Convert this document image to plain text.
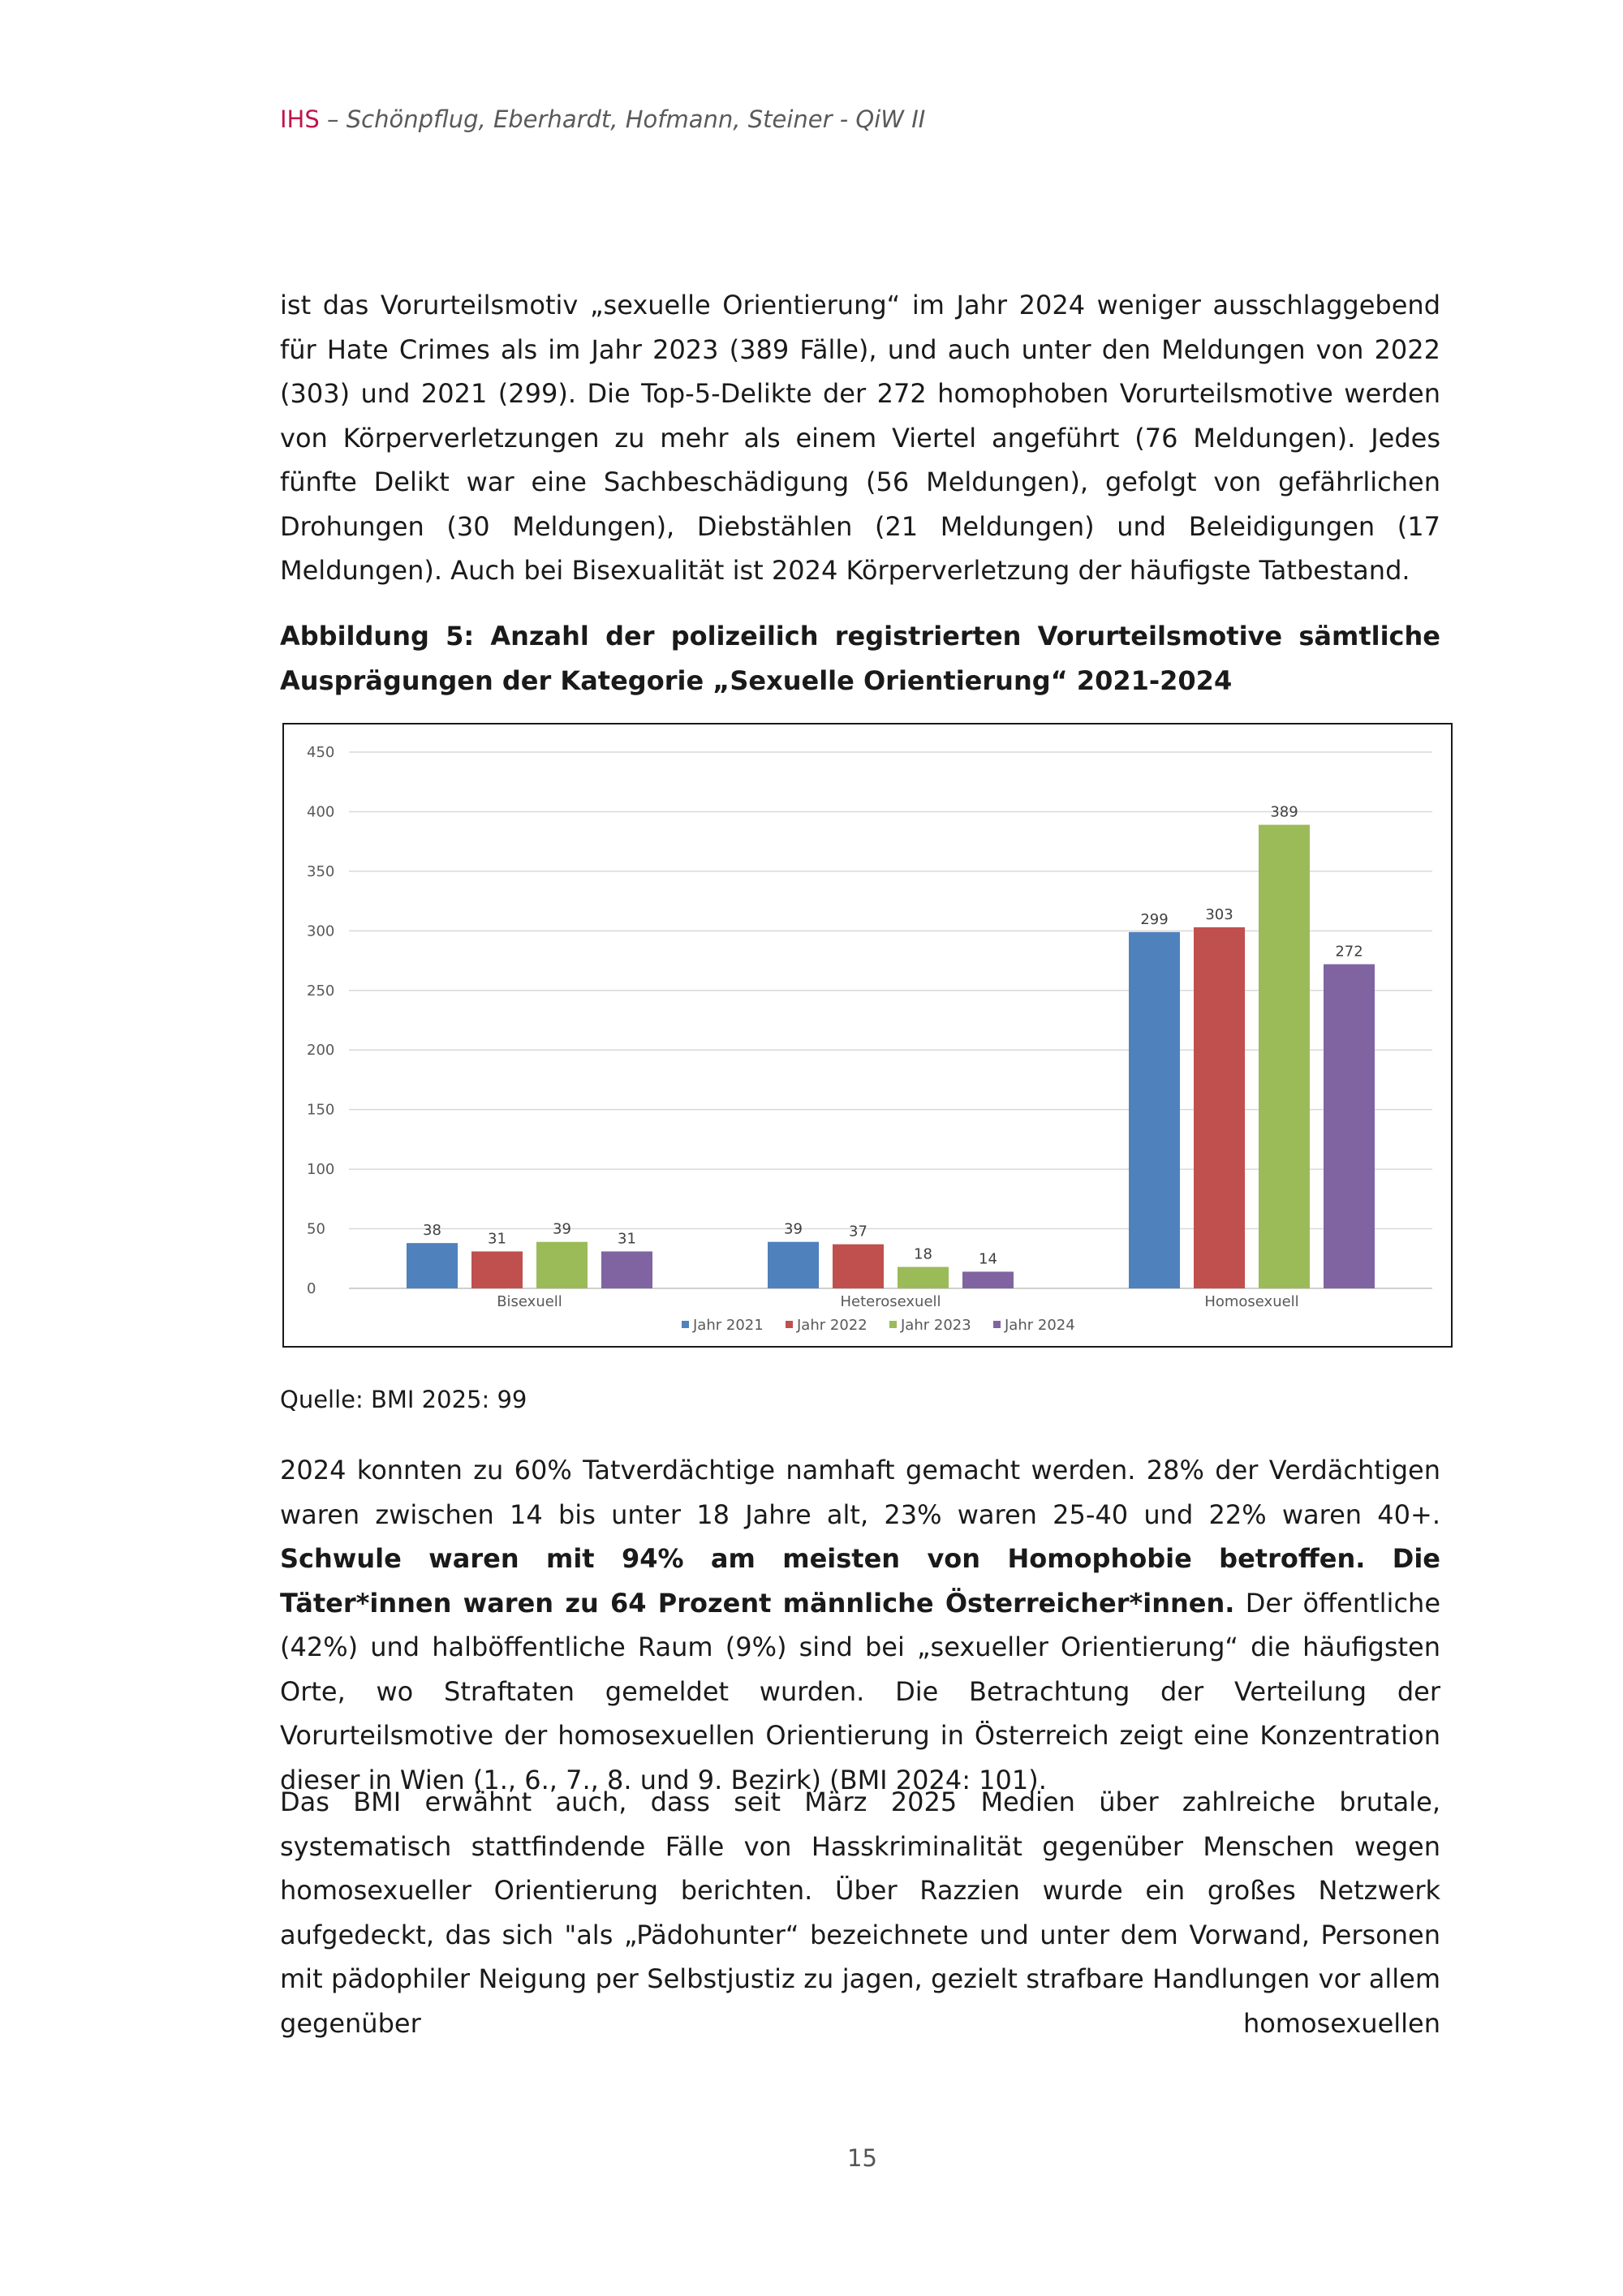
IHS – Schönpflug, Eberhardt, Hofmann, Steiner - QiW II

ist das Vorurteilsmotiv „sexuelle Orientierung“ im Jahr 2024 weniger ausschlaggebend für Hate Crimes als im Jahr 2023 (389 Fälle), und auch unter den Meldungen von 2022 (303) und 2021 (299). Die Top-5-Delikte der 272 homophoben Vorurteilsmotive werden von Körperverletzungen zu mehr als einem Viertel angeführt (76 Meldungen). Jedes fünfte Delikt war eine Sachbeschädigung (56 Meldungen), gefolgt von gefährlichen Drohungen (30 Meldungen), Diebstählen (21 Meldungen) und Beleidigungen (17 Meldungen). Auch bei Bisexualität ist 2024 Körperverletzung der häufigste Tatbestand.

Abbildung 5: Anzahl der polizeilich registrierten Vorurteilsmotive sämtliche Ausprägungen der Kategorie „Sexuelle Orientierung“ 2021-2024

0
50
100
150
200
250
300
350
400
450
38	31
39
31
Bisexuell
39	37
18	14
Heterosexuell
299	303
389
272
Homosexuell
Jahr 2021 Jahr 2022 Jahr 2023 Jahr 2024
Quelle: BMI 2025: 99

2024 konnten zu 60% Tatverdächtige namhaft gemacht werden. 28% der Verdächtigen waren zwischen 14 bis unter 18 Jahre alt, 23% waren 25-40 und 22% waren 40+. Schwule waren mit 94% am meisten von Homophobie betroffen. Die Täter*innen waren zu 64 Prozent männliche Österreicher*innen. Der öffentliche (42%) und halböffentliche Raum (9%) sind bei „sexueller Orientierung“ die häufigsten Orte, wo Straftaten gemeldet wurden. Die Betrachtung der Verteilung der Vorurteilsmotive der homosexuellen Orientierung in Österreich zeigt eine Konzentration dieser in Wien (1., 6., 7., 8. und 9. Bezirk) (BMI 2024: 101).

Das BMI erwähnt auch, dass seit März 2025 Medien über zahlreiche brutale, systematisch stattfindende Fälle von Hasskriminalität gegenüber Menschen wegen homosexueller Orientierung berichten. Über Razzien wurde ein großes Netzwerk aufgedeckt, das sich "als „Pädohunter“ bezeichnete und unter dem Vorwand, Personen mit pädophiler Neigung per Selbstjustiz zu jagen, gezielt strafbare Handlungen vor allem gegenüber homosexuellen

15
